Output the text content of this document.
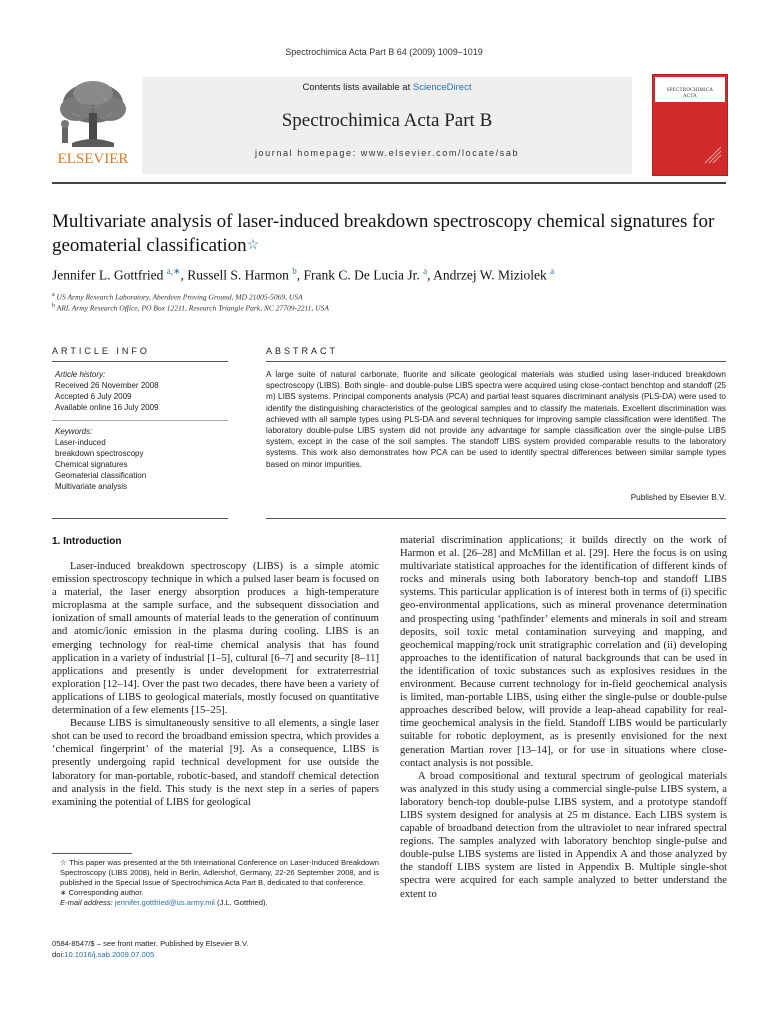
Spectrochimica Acta Part B 64 (2009) 1009–1019
ELSEVIER
Contents lists available at ScienceDirect
Spectrochimica Acta Part B
journal homepage: www.elsevier.com/locate/sab
SPECTROCHIMICA
ACTA
Multivariate analysis of laser-induced breakdown spectroscopy chemical signatures for geomaterial classification☆
Jennifer L. Gottfried $^{a,∗}$, Russell S. Harmon $^b$, Frank C. De Lucia Jr. $^a$, Andrzej W. Miziolek $^a$
$^a$ US Army Research Laboratory, Aberdeen Proving Ground, MD 21005-5069, USA
$^b$ ARL Army Research Office, PO Box 12211, Research Triangle Park, NC 27709-2211, USA
ARTICLE INFO	ABSTRACT
Article history:
Received 26 November 2008
Accepted 6 July 2009
Available online 16 July 2009
Keywords:
Laser-induced
breakdown spectroscopy
Chemical signatures
Geomaterial classification
Multivariate analysis

A large suite of natural carbonate, fluorite and silicate geological materials was studied using laser-induced breakdown spectroscopy (LIBS). Both single- and double-pulse LIBS spectra were acquired using close-contact benchtop and standoff (25 m) LIBS systems. Principal components analysis (PCA) and partial least squares discriminant analysis (PLS-DA) were used to identify the distinguishing characteristics of the geological samples and to classify the materials. Excellent discrimination was achieved with all sample types using PLS-DA and several techniques for improving sample classification were identified. The laboratory double-pulse LIBS system did not provide any advantage for sample classification over the single-pulse LIBS system, except in the case of the soil samples. The standoff LIBS system provided comparable results to the laboratory systems. This work also demonstrates how PCA can be used to identify spectral differences between similar sample types based on minor impurities.

Published by Elsevier B.V.
1. Introduction

Laser-induced breakdown spectroscopy (LIBS) is a simple atomic emission spectroscopy technique in which a pulsed laser beam is focused on a material, the laser energy absorption produces a high-temperature microplasma at the sample surface, and the subsequent dissociation and ionization of small amounts of material leads to the generation of continuum and atomic/ionic emission in the plasma during cooling. LIBS is an emerging technology for real-time chemical analysis that has found application in a variety of industrial [1–5], cultural [6–7] and security [8–11] applications and presently is under development for extraterrestrial exploration [12–14]. Over the past two decades, there have been a variety of applications of LIBS to geological materials, mostly focused on quantitative determination of a few elements [15–25].

Because LIBS is simultaneously sensitive to all elements, a single laser shot can be used to record the broadband emission spectra, which provides a ‘chemical fingerprint’ of the material [9]. As a consequence, LIBS is presently undergoing rapid technical development for use outside the laboratory for man-portable, robotic-based, and standoff chemical detection and analysis in the field. This study is the next step in a series of papers examining the potential of LIBS for geological

material discrimination applications; it builds directly on the work of Harmon et al. [26–28] and McMillan et al. [29]. Here the focus is on using multivariate statistical approaches for the identification of different kinds of rocks and minerals using both laboratory bench-top and standoff LIBS systems. This particular application is of interest both in terms of (i) specific geo-environmental applications, such as mineral provenance determination and prospecting using ‘pathfinder’ elements and minerals in soil and stream deposits, soil toxic metal contamination surveying and mapping, and geochemical mapping/rock unit stratigraphic correlation and (ii) developing approaches to the identification of natural backgrounds that can be used in the identification of toxic substances such as explosives residues in the environment. Because current technology for in-field geochemical analysis is limited, man-portable LIBS, using either the single-pulse or double-pulse approaches described below, will provide a leap-ahead capability for real-time geochemical analysis in the field. Standoff LIBS would be particularly suitable for robotic deployment, as is presently envisioned for the next generation Martian rover [13–14], or for use in situations where close-contact analysis is not possible.

A broad compositional and textural spectrum of geological materials was analyzed in this study using a commercial single-pulse LIBS system, a laboratory bench-top double-pulse LIBS system, and a prototype standoff LIBS system designed for analysis at 25 m distance. Each LIBS system is capable of broadband detection from the ultraviolet to near infrared spectral regions. The samples analyzed with laboratory benchtop single-pulse and double-pulse LIBS systems are listed in Appendix A and those analyzed by the standoff LIBS system are listed in Appendix B. Multiple single-shot spectra were acquired for each sample analyzed to better understand the extent to

☆ This paper was presented at the 5th International Conference on Laser-Induced Breakdown Spectroscopy (LIBS 2008), held in Berlin, Adlershof, Germany, 22-26 September 2008, and is published in the Special Issue of Spectrochimica Acta Part B, dedicated to that conference.

∗ Corresponding author.

E-mail address: jennifer.gottfried@us.army.mil (J.L. Gottfried).

0584-8547/$ – see front matter. Published by Elsevier B.V.
doi:10.1016/j.sab.2009.07.005
